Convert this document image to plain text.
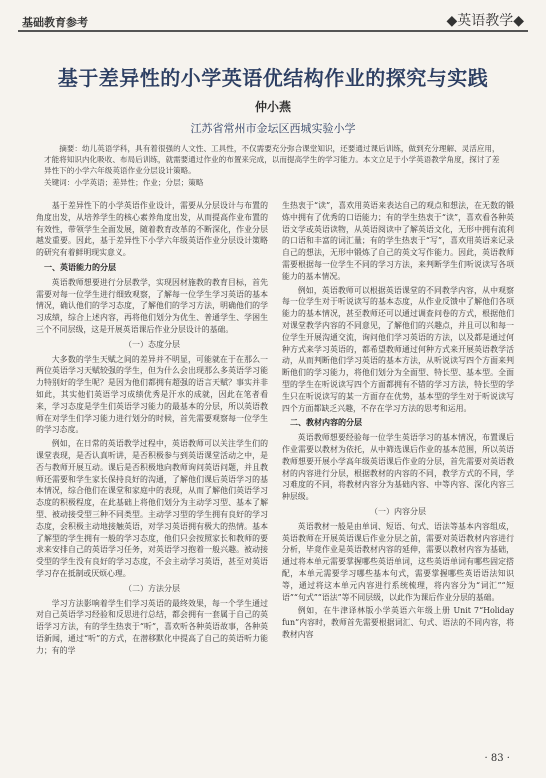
基础教育参考	◆英语教学◆
基于差异性的小学英语优结构作业的探究与实践
仲小燕
江苏省常州市金坛区西城实验小学
摘要：幼儿英语学科，具有着很强的人文性、工具性，不仅需要充分弥合课堂知识，还要通过课后训练，做到充分理解、灵活应用，才能将知识内化吸收、布局后训练，就需要通过作业的布置来完成，以而提高学生的学习能力。本文立足于小学英语教学角度，探讨了差异性下的小学六年级英语作业分层设计策略。
关键词：小学英语；差异性；作业；分层；策略

基于差异性下的小学英语作业设计，需要从分层设计与布置的角度出发，从培养学生的核心素养角度出发，从而提高作业布置的有效性，带领学生全面发展，随着教育改革的不断深化，作业分层越发重要。因此，基于差异性下小学六年级英语作业分层设计策略的研究有着鲜明现实意义。

一、英语能力的分层

英语教师想要进行分层教学，实现因材施教的教育目标，首先需要对每一位学生进行细致观察，了解每一位学生学习英语的基本情况，确认他们的学习态度，了解他们的学习方法，明确他们的学习成绩，综合上述内容，再将他们划分为优生、普通学生、学困生三个不同层级，这是开展英语课后作业分层设计的基础。

（一）态度分层

大多数的学生天赋之间的差异并不明显，可能就在于在那么一两位英语学习天赋较强的学生，但为什么会出现那么多英语学习能力特别好的学生呢？是因为他们都拥有超强的语言天赋？事实并非如此，其实他们英语学习成绩优秀是汗水的成就，因此在笔者看来，学习态度是学生们英语学习能力的最基本的分层，所以英语教师在对学生们学习能力进行划分的时候，首先需要观察每一位学生的学习态度。

例如，在日常的英语教学过程中，英语教师可以关注学生们的课堂表现，是否认真听讲，是否积极参与到英语课堂活动之中，是否与教师开展互动。课后是否积极地向教师询问英语问题，并且教师还需要和学生家长保持良好的沟通，了解他们课后英语学习的基本情况，综合他们在课堂和家庭中的表现，从而了解他们英语学习态度的积极程度，在此基础上将他们划分为主动学习型、基本了解型、被动接受型三种不同类型。主动学习型的学生拥有良好的学习态度，会积极主动地接触英语，对学习英语拥有极大的热情。基本了解型的学生拥有一般的学习态度，他们只会按照家长和教师的要求来安排自己的英语学习任务，对英语学习抱着一般兴趣。被动接受型的学生没有良好的学习态度，不会主动学习英语，甚至对英语学习存在抵制或厌烦心理。

（二）方法分层

学习方法影响着学生们学习英语的最终效果，每一个学生通过对自己英语学习经验和反思进行总结，都会拥有一套属于自己的英语学习方法，有的学生热衷于“听”，喜欢听各种英语故事，各种英语新闻，通过“听”的方式，在潜移默化中提高了自己的英语听力能力；有的学

生热衷于“读”，喜欢用英语来表达自己的观点和想法，在无数的锻炼中拥有了优秀的口语能力；有的学生热衷于“读”，喜欢看各种英语文学或英语读物，从英语阅读中了解英语文化，无形中拥有流利的口语和丰富的词汇量；有的学生热衷于“写”，喜欢用英语来记录自己的想法，无形中锻炼了自己的英文写作能力。因此，英语教师需要根据每一位学生不同的学习方法，来判断学生们听说读写各项能力的基本情况。

例如，英语教师可以根据英语课堂的不同教学内容，从中观察每一位学生对于听说读写的基本态度，从作业反馈中了解他们各项能力的基本情况，甚至教师还可以通过调查问卷的方式，根据他们对课堂教学内容的不同意见，了解他们的兴趣点，并且可以和每一位学生开展沟通交流，询问他们学习英语的方法，以及都是通过何种方式来学习英语的，都希望教师通过何种方式来开展英语教学活动，从而判断他们学习英语的基本方法，从听说读写四个方面来判断他们的学习能力，将他们划分为全面型、特长型、基本型。全面型的学生在听说读写四个方面都拥有不错的学习方法，特长型的学生只在听说读写的某一方面存在优势，基本型的学生对于听说读写四个方面都缺乏兴趣，不存在学习方法的思考和运用。

二、教材内容的分层

英语教师想要经验每一位学生英语学习的基本情况，布置课后作业需要以教材为依托，从中筛选课后作业的基本范围，所以英语教师想要开展小学高年级英语课后作业的分层，首先需要对英语教材的内容进行分层，根据教材的内容的不同，教学方式的不同，学习难度的不同，将教材内容分为基础内容、中等内容、深化内容三种层级。

（一）内容分层

英语教材一般是由单词、短语、句式、语法等基本内容组成，英语教师在开展英语课后作业分层之前，需要对英语教材内容进行分析，毕竟作业是英语教材内容的延伸，需要以教材内容为基础，通过将本单元需要掌握哪些英语单词，这些英语单词有哪些固定搭配，本单元需要学习哪些基本句式，需要掌握哪些英语语法知识等，通过将这本单元内容进行系统梳理，将内容分为“词汇”“短语”“句式”“语法”等不同层级，以此作为课后作业分层的基础。

例如，在牛津译林版小学英语六年级上册 Unit 7“Holiday fun”内容时，教师首先需要根据词汇、句式、语法的不同内容，将教材内容

· 83 ·
